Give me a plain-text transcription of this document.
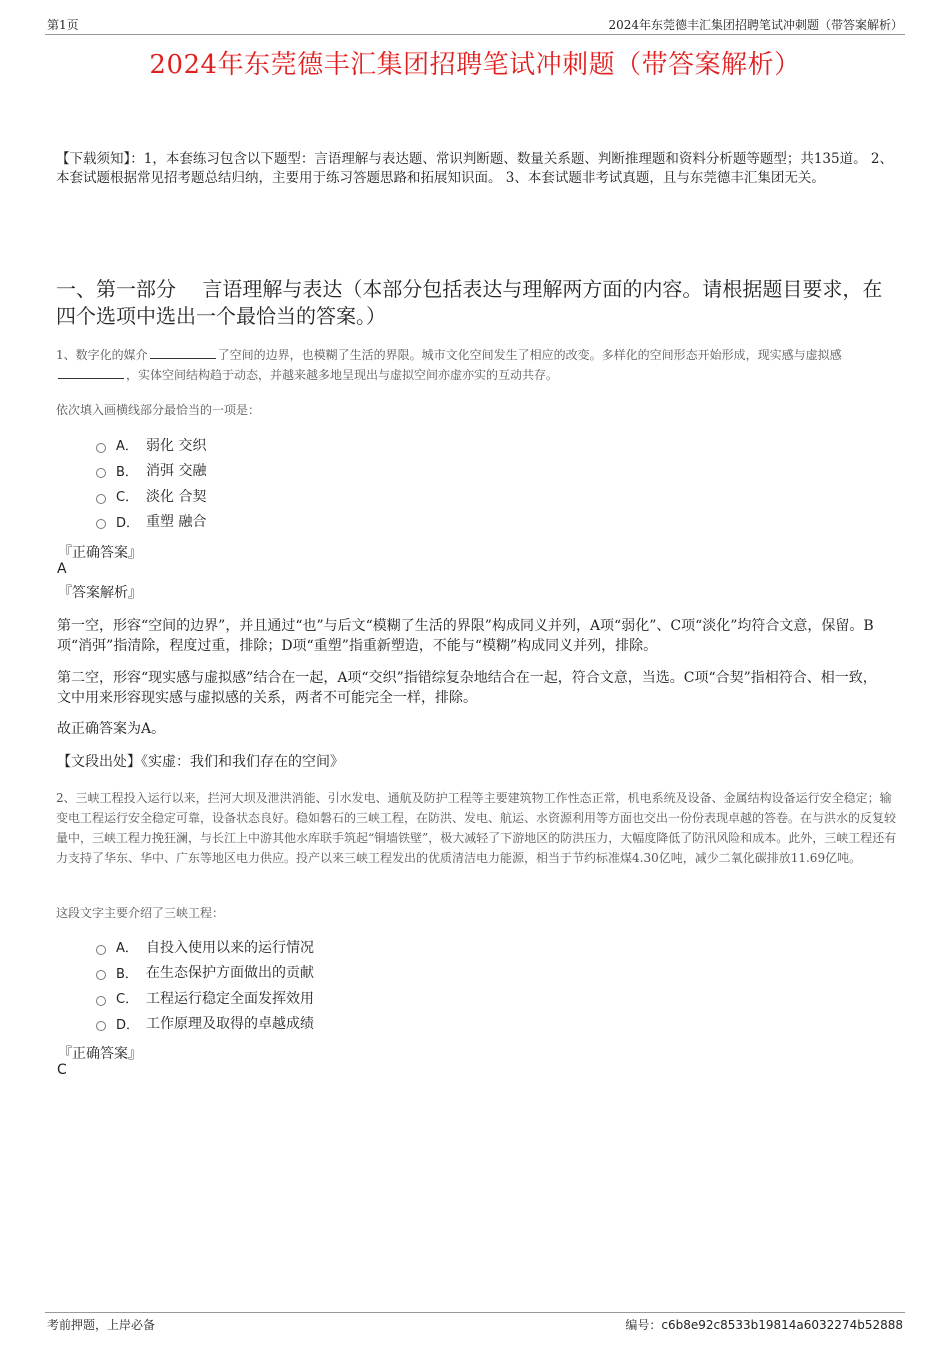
第1页	2024年东莞德丰汇集团招聘笔试冲刺题（带答案解析）
2024年东莞德丰汇集团招聘笔试冲刺题（带答案解析）
【下载须知】：1，本套练习包含以下题型：言语理解与表达题、常识判断题、数量关系题、判断推理题和资料分析题等题型；共135道。 2、本套试题根据常见招考题总结归纳，主要用于练习答题思路和拓展知识面。 3、本套试题非考试真题，且与东莞德丰汇集团无关。
一、第一部分　 言语理解与表达（本部分包括表达与理解两方面的内容。请根据题目要求，在四个选项中选出一个最恰当的答案。）
1、数字化的媒介	了空间的边界，也模糊了生活的界限。城市文化空间发生了相应的改变。多样化的空间形态开始形成，现实感与虚拟感，实体空间结构趋于动态，并越来越多地呈现出与虚拟空间亦虚亦实的互动共存。
依次填入画横线部分最恰当的一项是：
A． 弱化 交织
B． 消弭 交融
C． 淡化 合契
D． 重塑 融合
『正确答案』
A
『答案解析』
第一空，形容“空间的边界”，并且通过“也”与后文“模糊了生活的界限”构成同义并列，A项“弱化”、C项“淡化”均符合文意，保留。B项“消弭”指清除，程度过重，排除；D项“重塑”指重新塑造，不能与“模糊”构成同义并列，排除。
第二空，形容“现实感与虚拟感”结合在一起，A项“交织”指错综复杂地结合在一起，符合文意，当选。C项“合契”指相符合、相一致，文中用来形容现实感与虚拟感的关系，两者不可能完全一样，排除。
故正确答案为A。
【文段出处】《实虚：我们和我们存在的空间》
2、三峡工程投入运行以来，拦河大坝及泄洪消能、引水发电、通航及防护工程等主要建筑物工作性态正常，机电系统及设备、金属结构设备运行安全稳定；输变电工程运行安全稳定可靠，设备状态良好。稳如磐石的三峡工程，在防洪、发电、航运、水资源利用等方面也交出一份份表现卓越的答卷。在与洪水的反复较量中，三峡工程力挽狂澜，与长江上中游其他水库联手筑起“铜墙铁壁”，极大减轻了下游地区的防洪压力，大幅度降低了防汛风险和成本。此外，三峡工程还有力支持了华东、华中、广东等地区电力供应。投产以来三峡工程发出的优质清洁电力能源，相当于节约标准煤4.30亿吨，减少二氧化碳排放11.69亿吨。
这段文字主要介绍了三峡工程：
A． 自投入使用以来的运行情况
B． 在生态保护方面做出的贡献
C． 工程运行稳定全面发挥效用
D． 工作原理及取得的卓越成绩
『正确答案』
C
考前押题，上岸必备	编号：c6b8e92c8533b19814a6032274b52888
